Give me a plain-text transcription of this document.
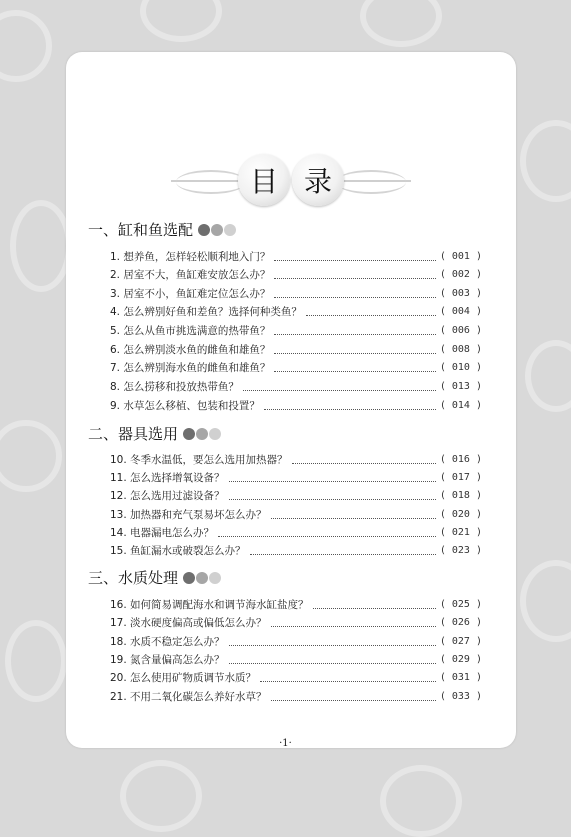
目 录
一、缸和鱼选配
1. 想养鱼，怎样轻松顺利地入门？	( 001 )
2. 居室不大，鱼缸难安放怎么办？	( 002 )
3. 居室不小，鱼缸难定位怎么办？	( 003 )
4. 怎么辨别好鱼和差鱼？选择何种类鱼？	( 004 )
5. 怎么从鱼市挑选满意的热带鱼？	( 006 )
6. 怎么辨别淡水鱼的雌鱼和雄鱼？	( 008 )
7. 怎么辨别海水鱼的雌鱼和雄鱼？	( 010 )
8. 怎么捞移和投放热带鱼？	( 013 )
9. 水草怎么移植、包装和投置？	( 014 )
二、器具选用
10. 冬季水温低，要怎么选用加热器？	( 016 )
11. 怎么选择增氧设备？	( 017 )
12. 怎么选用过滤设备？	( 018 )
13. 加热器和充气泵易坏怎么办？	( 020 )
14. 电器漏电怎么办？	( 021 )
15. 鱼缸漏水或破裂怎么办？	( 023 )
三、水质处理
16. 如何简易调配海水和调节海水缸盐度？	( 025 )
17. 淡水硬度偏高或偏低怎么办？	( 026 )
18. 水质不稳定怎么办？	( 027 )
19. 氮含量偏高怎么办？	( 029 )
20. 怎么使用矿物质调节水质？	( 031 )
21. 不用二氧化碳怎么养好水草？	( 033 )
·1·
